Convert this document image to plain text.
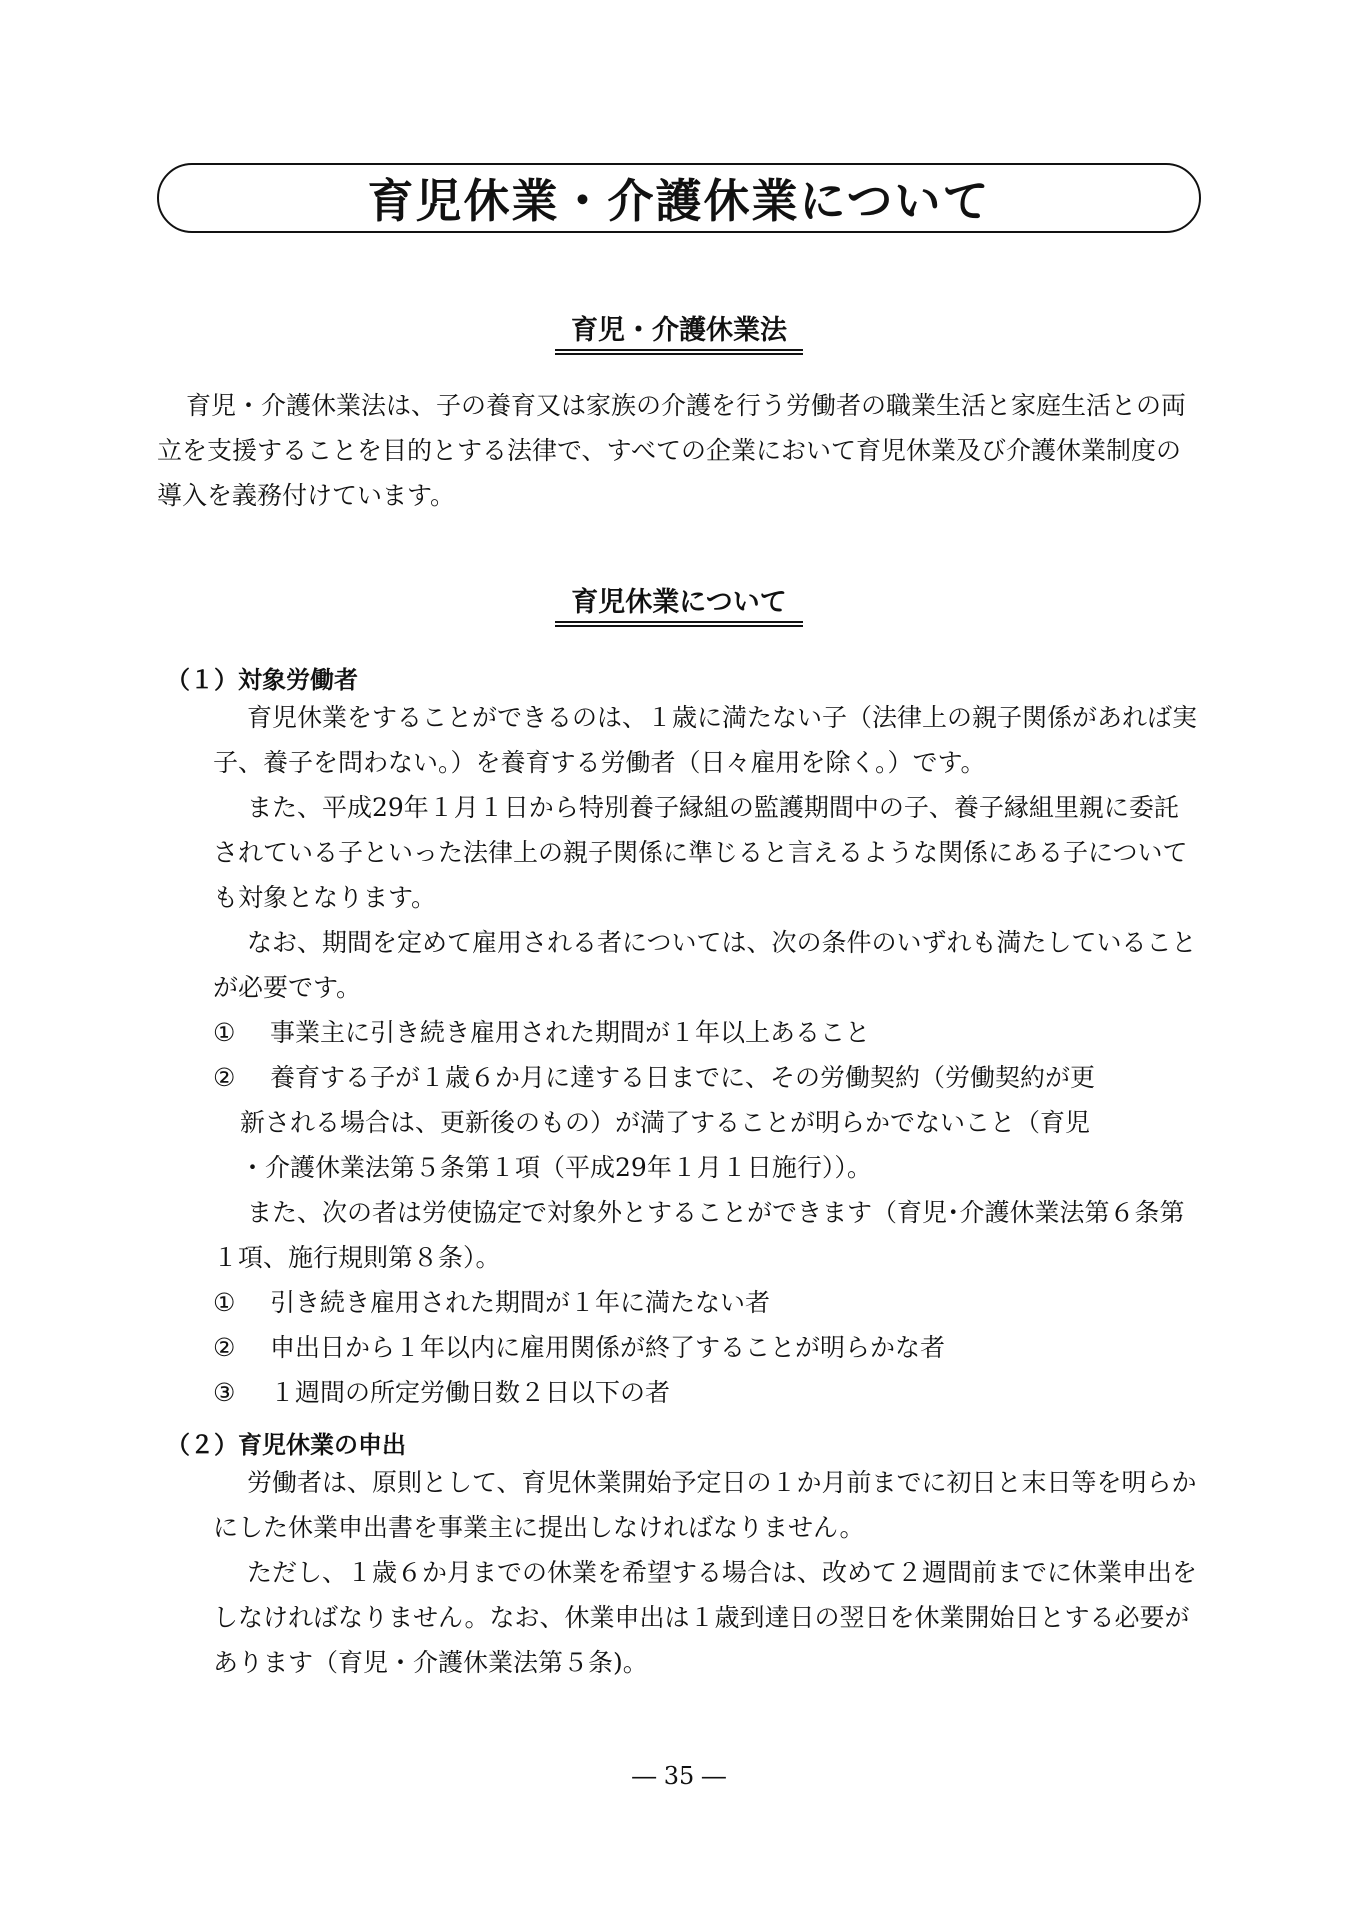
育児休業・介護休業について
育児・介護休業法

育児・介護休業法は、子の養育又は家族の介護を行う労働者の職業生活と家庭生活との両立を支援することを目的とする法律で、すべての企業において育児休業及び介護休業制度の導入を義務付けています。

育児休業について
（１）対象労働者

育児休業をすることができるのは、１歳に満たない子（法律上の親子関係があれば実子、養子を問わない。）を養育する労働者（日々雇用を除く。）です。

また、平成29年１月１日から特別養子縁組の監護期間中の子、養子縁組里親に委託されている子といった法律上の親子関係に準じると言えるような関係にある子についても対象となります。

なお、期間を定めて雇用される者については、次の条件のいずれも満たしていることが必要です。

①	事業主に引き続き雇用された期間が１年以上あること
②	養育する子が１歳６か月に達する日までに、その労働契約（労働契約が更

新される場合は、更新後のもの）が満了することが明らかでないこと（育児

・介護休業法第５条第１項（平成29年１月１日施行））。

また、次の者は労使協定で対象外とすることができます（育児･介護休業法第６条第１項、施行規則第８条）。

①	引き続き雇用された期間が１年に満たない者
②	申出日から１年以内に雇用関係が終了することが明らかな者
③	１週間の所定労働日数２日以下の者
（２）育児休業の申出

労働者は、原則として、育児休業開始予定日の１か月前までに初日と末日等を明らかにした休業申出書を事業主に提出しなければなりません。

ただし、１歳６か月までの休業を希望する場合は、改めて２週間前までに休業申出をしなければなりません。なお、休業申出は１歳到達日の翌日を休業開始日とする必要があります（育児・介護休業法第５条)。

― 35 ―
